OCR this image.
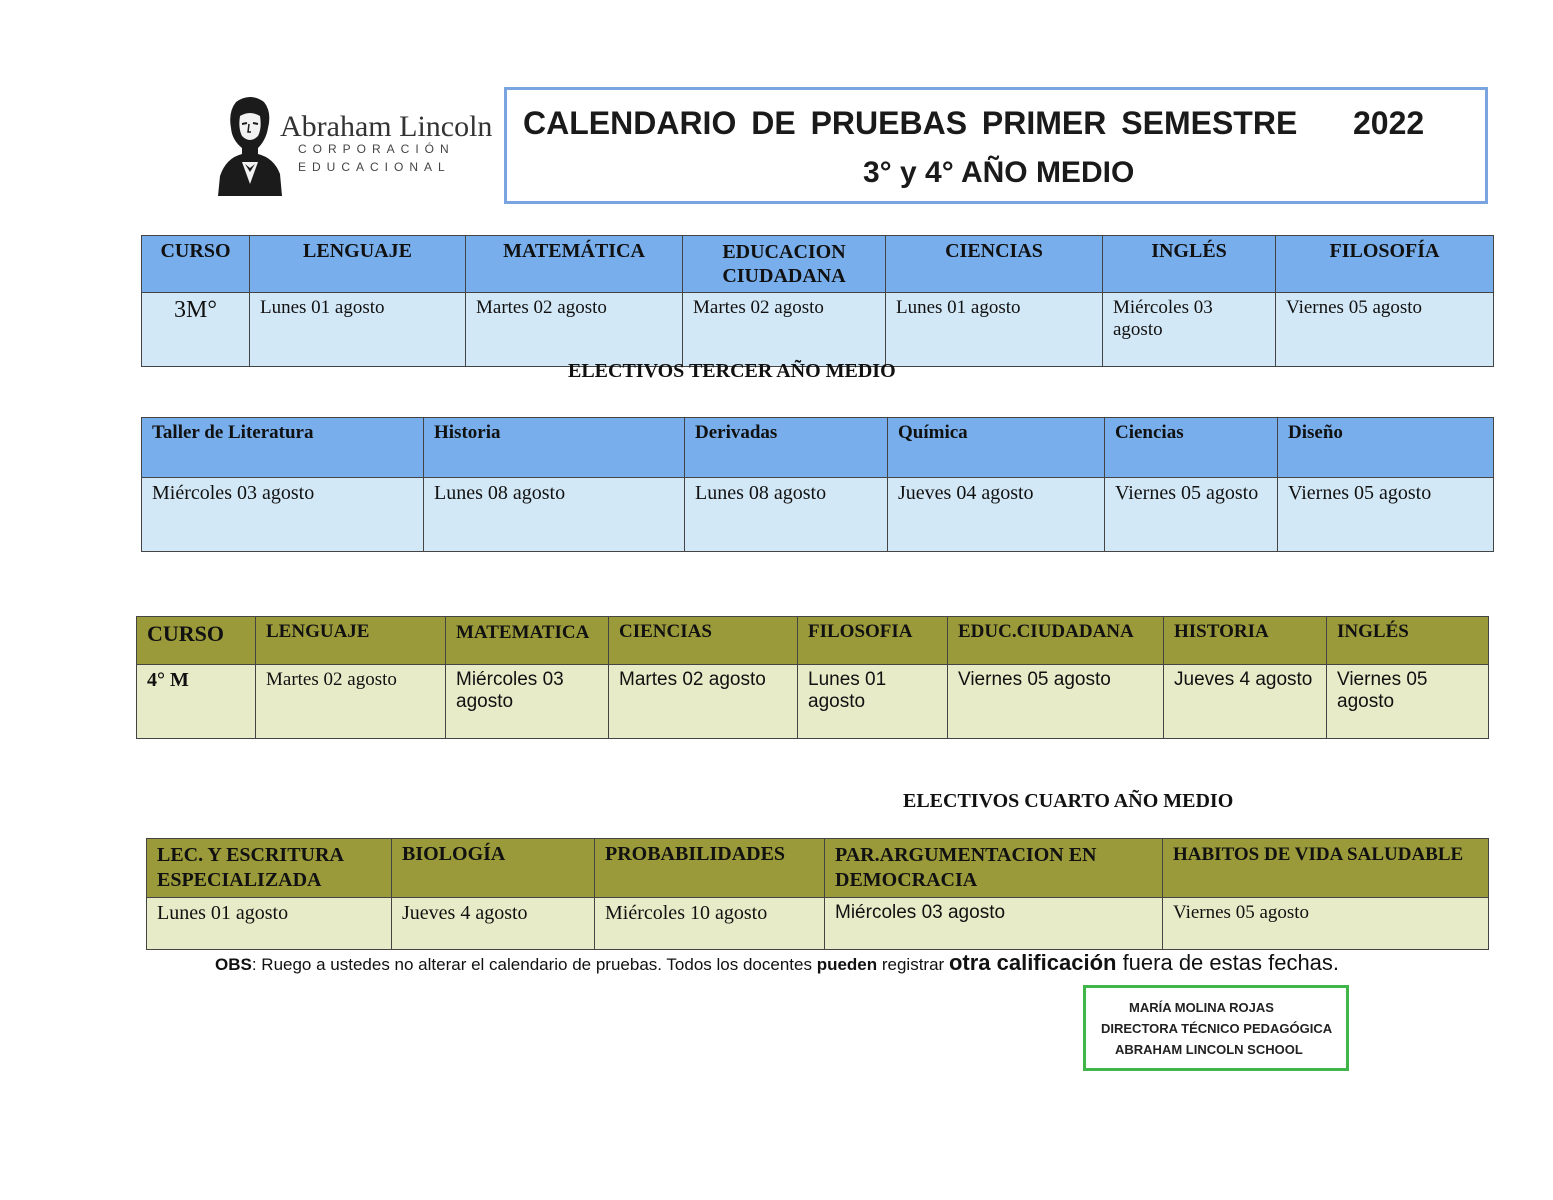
Abraham Lincoln
CORPORACIÓN
EDUCACIONAL
CALENDARIO DE PRUEBAS PRIMER SEMESTRE 2022
3° y 4° AÑO MEDIO
CURSO	LENGUAJE	MATEMÁTICA	EDUCACION CIUDADANA	CIENCIAS	INGLÉS	FILOSOFÍA
3M°	Lunes 01 agosto	Martes 02 agosto	Martes 02 agosto	Lunes 01 agosto	Miércoles 03 agosto	Viernes 05 agosto
ELECTIVOS TERCER AÑO MEDIO
Taller de Literatura	Historia	Derivadas	Química	Ciencias	Diseño
Miércoles 03 agosto	Lunes 08 agosto	Lunes 08 agosto	Jueves 04 agosto	Viernes 05 agosto	Viernes 05 agosto
CURSO	LENGUAJE	MATEMATICA	CIENCIAS	FILOSOFIA	EDUC.CIUDADANA	HISTORIA	INGLÉS
4° M	Martes 02 agosto	Miércoles 03 agosto	Martes 02 agosto	Lunes 01 agosto	Viernes 05 agosto	Jueves 4 agosto	Viernes 05 agosto
ELECTIVOS CUARTO AÑO MEDIO
LEC. Y ESCRITURA ESPECIALIZADA	BIOLOGÍA	PROBABILIDADES	PAR.ARGUMENTACION EN DEMOCRACIA	HABITOS DE VIDA SALUDABLE
Lunes 01 agosto	Jueves 4 agosto	Miércoles 10 agosto	Miércoles 03 agosto	Viernes 05 agosto
OBS: Ruego a ustedes no alterar el calendario de pruebas. Todos los docentes pueden registrar otra calificación fuera de estas fechas.
MARÍA MOLINA ROJAS
DIRECTORA TÉCNICO PEDAGÓGICA
ABRAHAM LINCOLN SCHOOL
